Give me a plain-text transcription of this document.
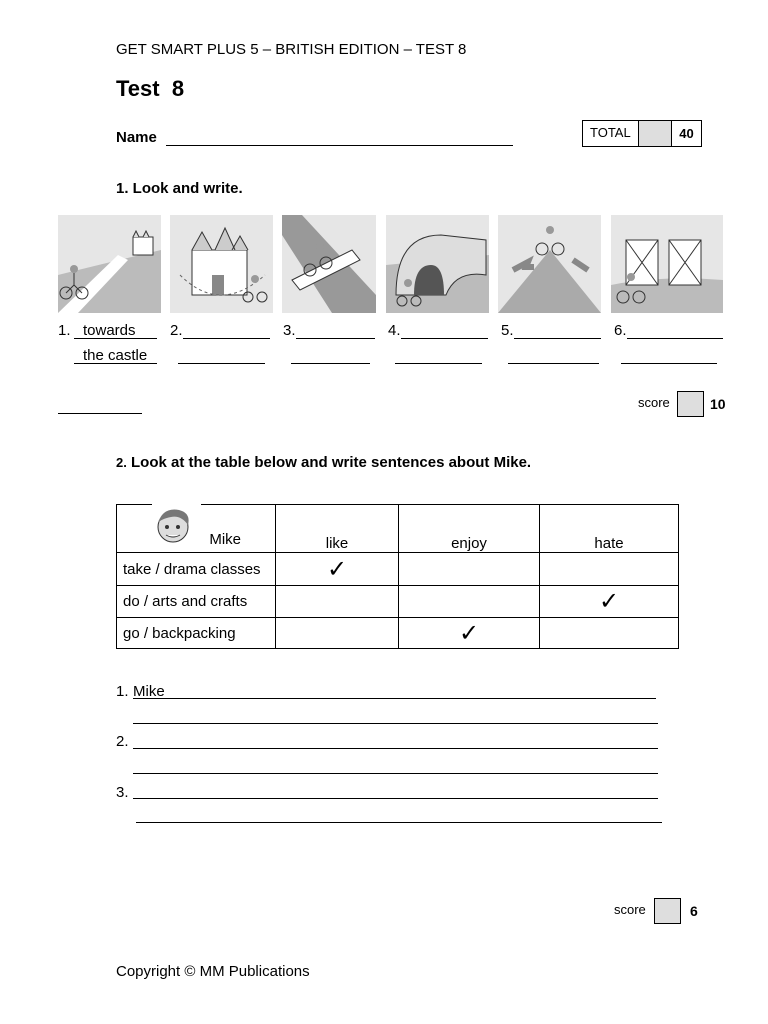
GET SMART PLUS 5 – BRITISH EDITION – TEST 8
Test  8
Name	TOTAL	40
1. Look and write.
1. towards
the castle
2.	3.	4.	5.	6.
score	10
2. Look at the table below and write sentences about Mike.
Mike	like	enjoy	hate
take / drama classes	✓		
do / arts and crafts			✓
go / backpacking		✓	
1. Mike
2.
3.
score	6
Copyright © MM Publications
